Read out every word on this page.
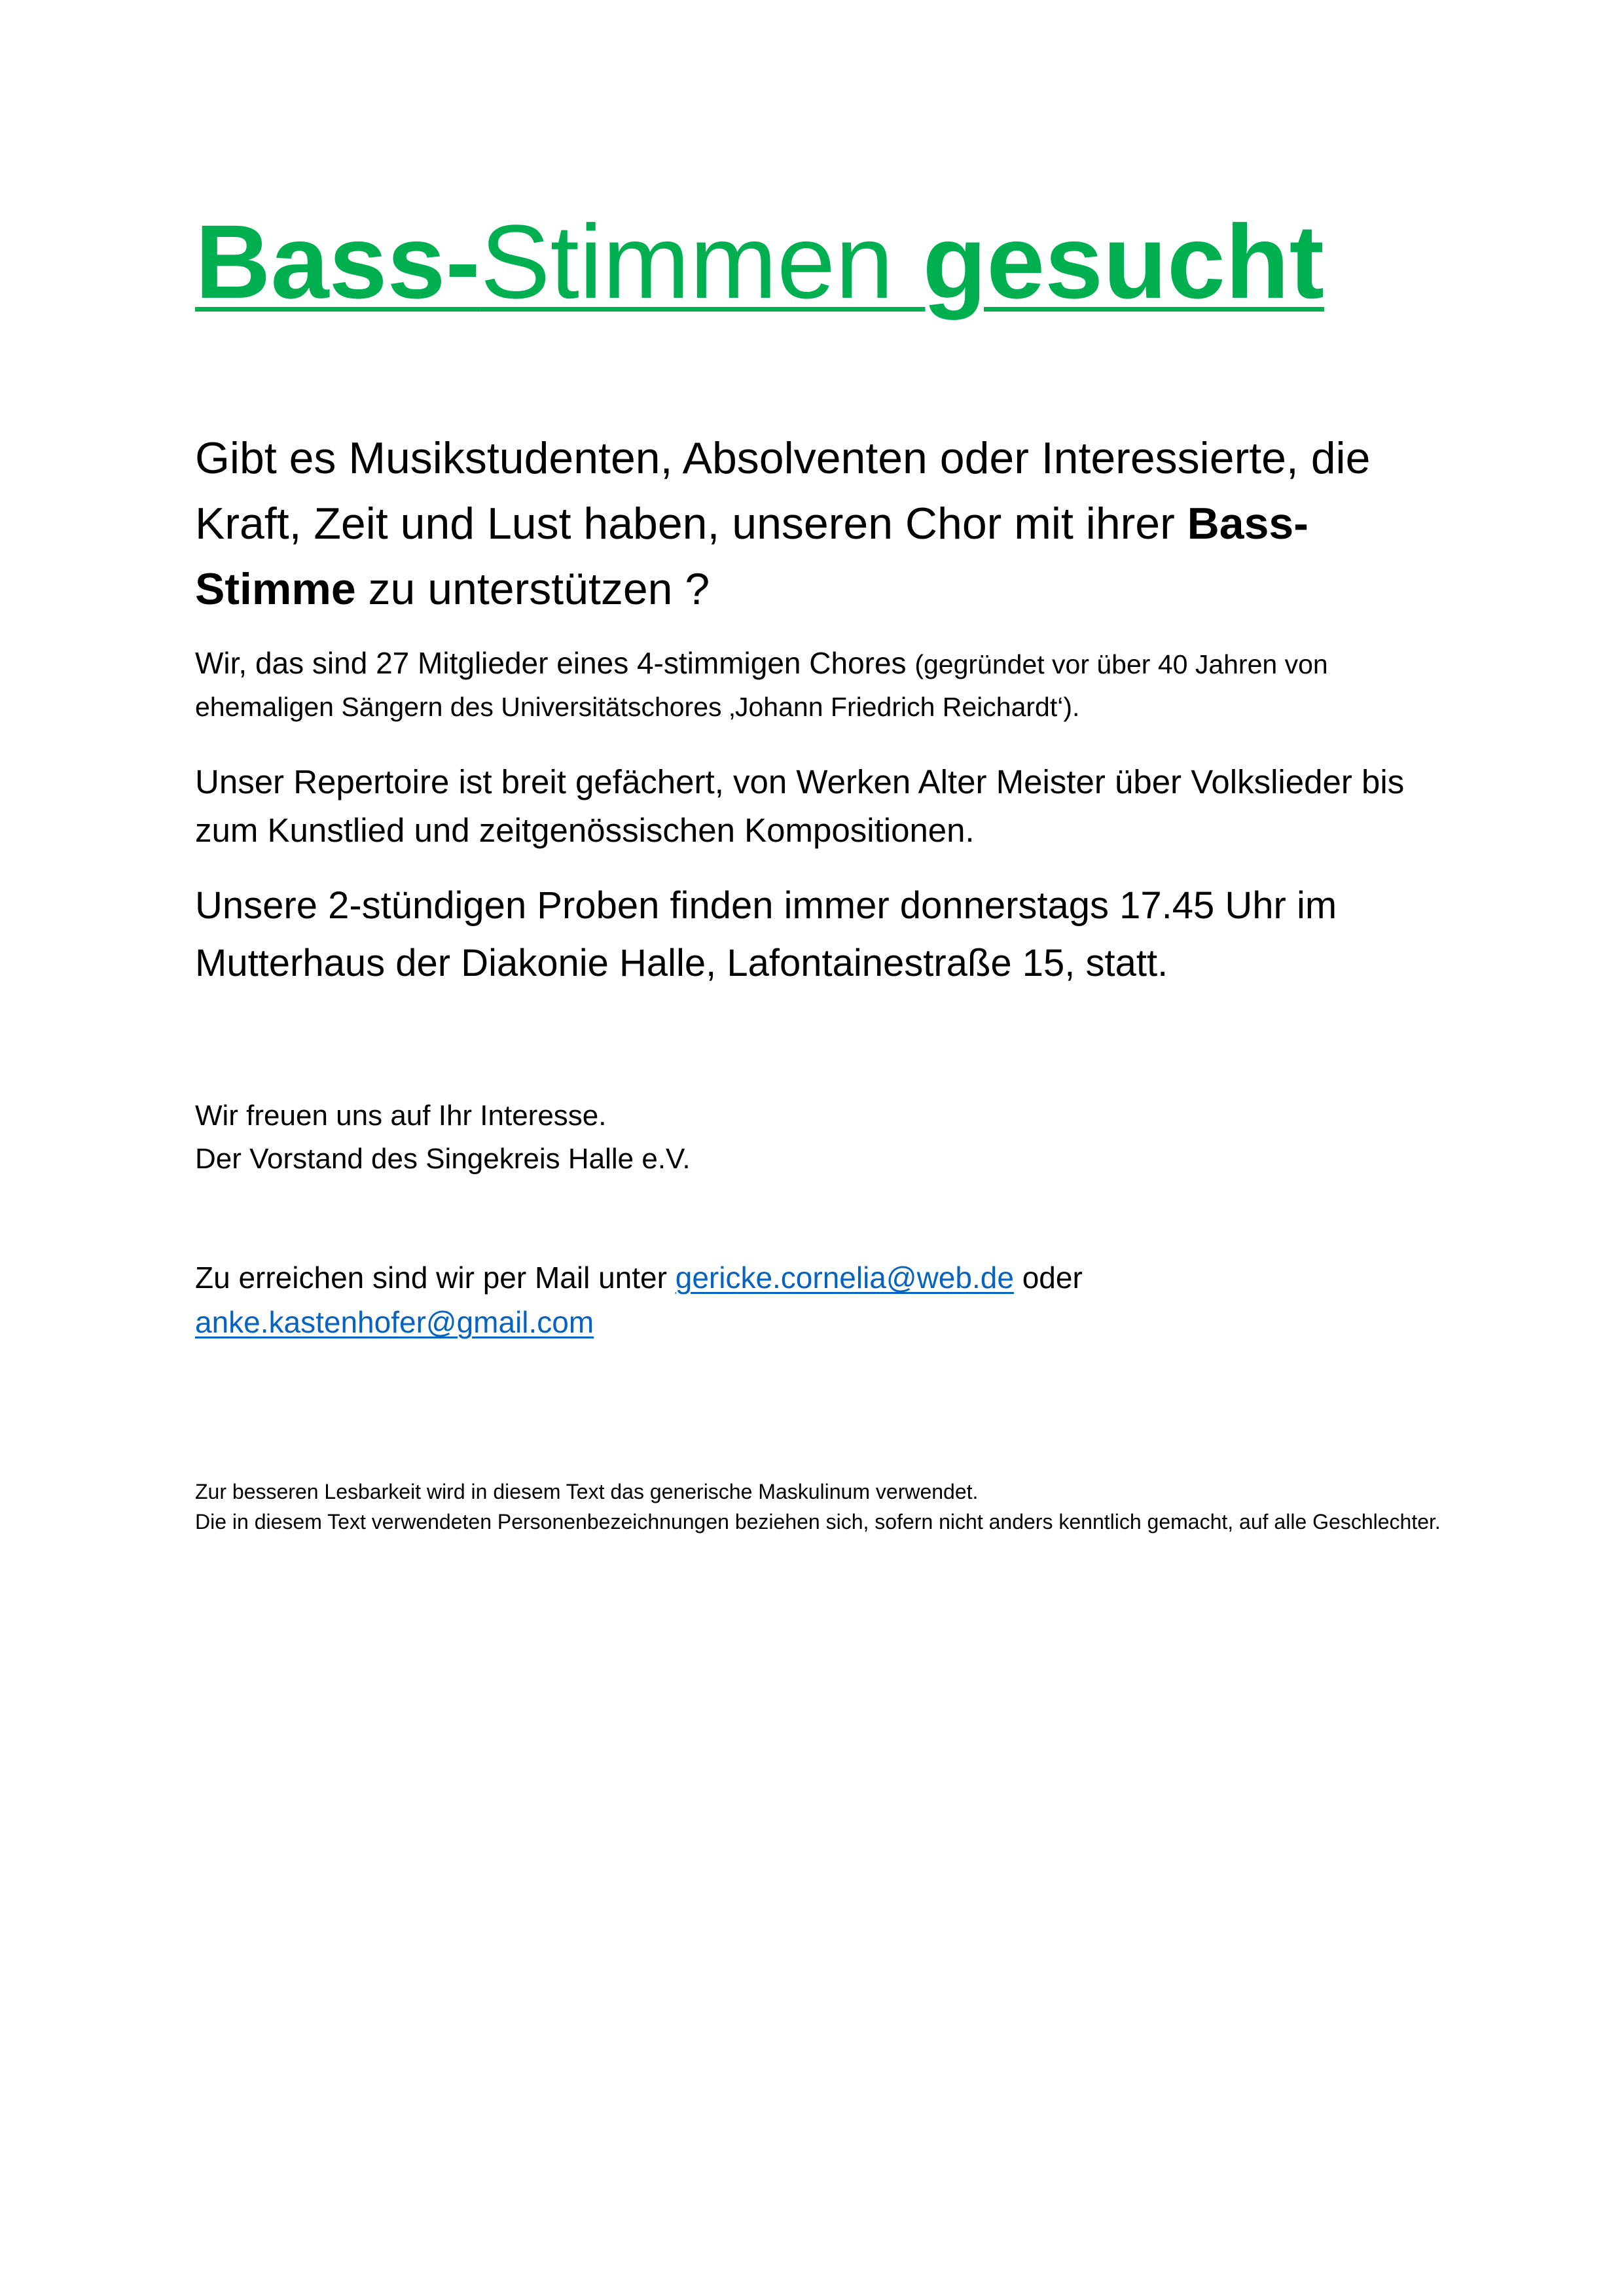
Bass-Stimmen gesucht

Gibt es Musikstudenten, Absolventen oder Interessierte, die Kraft, Zeit und Lust haben, unseren Chor mit ihrer Bass-Stimme zu unterstützen ?

Wir, das sind 27 Mitglieder eines 4-stimmigen Chores (gegründet vor über 40 Jahren von ehemaligen Sängern des Universitätschores ‚Johann Friedrich Reichardt‘).

Unser Repertoire ist breit gefächert, von Werken Alter Meister über Volkslieder bis zum Kunstlied und zeitgenössischen Kompositionen.

Unsere 2-stündigen Proben finden immer donnerstags 17.45 Uhr im Mutterhaus der Diakonie Halle, Lafontainestraße 15, statt.

Wir freuen uns auf Ihr Interesse.
Der Vorstand des Singekreis Halle e.V.

Zu erreichen sind wir per Mail unter gericke.cornelia@web.de oder anke.kastenhofer@gmail.com

Zur besseren Lesbarkeit wird in diesem Text das generische Maskulinum verwendet.
Die in diesem Text verwendeten Personenbezeichnungen beziehen sich, sofern nicht anders kenntlich gemacht, auf alle Geschlechter.
